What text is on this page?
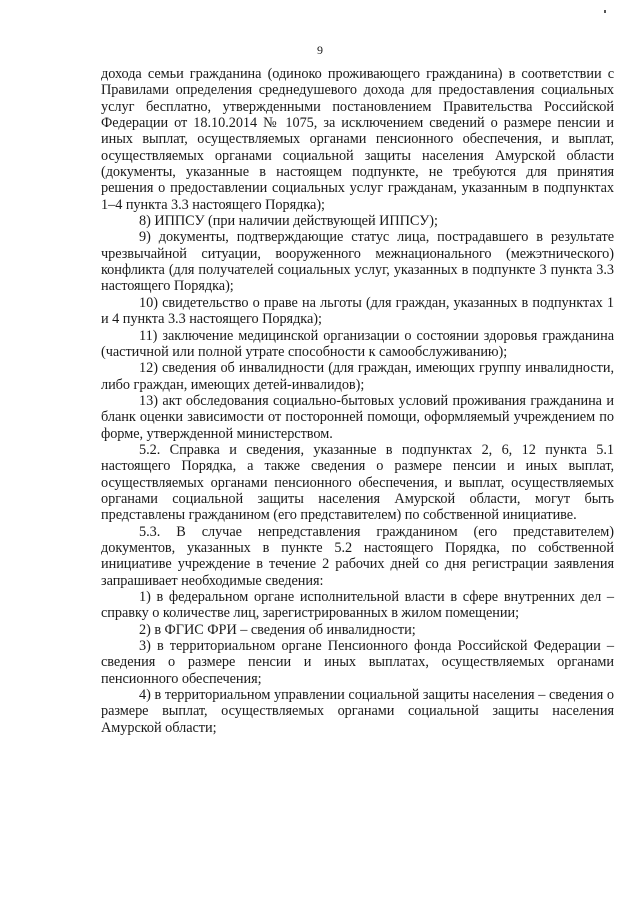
9

дохода семьи гражданина (одиноко проживающего гражданина) в соответствии с Правилами определения среднедушевого дохода для предоставления социальных услуг бесплатно, утвержденными постановлением Правительства Российской Федерации от 18.10.2014 № 1075, за исключением сведений о размере пенсии и иных выплат, осуществляемых органами пенсионного обеспечения, и выплат, осуществляемых органами социальной защиты населения Амурской области (документы, указанные в настоящем подпункте, не требуются для принятия решения о предоставлении социальных услуг гражданам, указанным в подпунктах 1–4 пункта 3.3 настоящего Порядка);

8) ИППСУ (при наличии действующей ИППСУ);

9) документы, подтверждающие статус лица, пострадавшего в результате чрезвычайной ситуации, вооруженного межнационального (межэтнического) конфликта (для получателей социальных услуг, указанных в подпункте 3 пункта 3.3 настоящего Порядка);

10) свидетельство о праве на льготы (для граждан, указанных в подпунктах 1 и 4 пункта 3.3 настоящего Порядка);

11) заключение медицинской организации о состоянии здоровья гражданина (частичной или полной утрате способности к самообслуживанию);

12) сведения об инвалидности (для граждан, имеющих группу инвалидности, либо граждан, имеющих детей-инвалидов);

13) акт обследования социально-бытовых условий проживания гражданина и бланк оценки зависимости от посторонней помощи, оформляемый учреждением по форме, утвержденной министерством.

5.2. Справка и сведения, указанные в подпунктах 2, 6, 12 пункта 5.1 настоящего Порядка, а также сведения о размере пенсии и иных выплат, осуществляемых органами пенсионного обеспечения, и выплат, осуществляемых органами социальной защиты населения Амурской области, могут быть представлены гражданином (его представителем) по собственной инициативе.

5.3. В случае непредставления гражданином (его представителем) документов, указанных в пункте 5.2 настоящего Порядка, по собственной инициативе учреждение в течение 2 рабочих дней со дня регистрации заявления запрашивает необходимые сведения:

1) в федеральном органе исполнительной власти в сфере внутренних дел – справку о количестве лиц, зарегистрированных в жилом помещении;

2) в ФГИС ФРИ – сведения об инвалидности;

3) в территориальном органе Пенсионного фонда Российской Федерации – сведения о размере пенсии и иных выплатах, осуществляемых органами пенсионного обеспечения;

4) в территориальном управлении социальной защиты населения – сведения о размере выплат, осуществляемых органами социальной защиты населения Амурской области;
